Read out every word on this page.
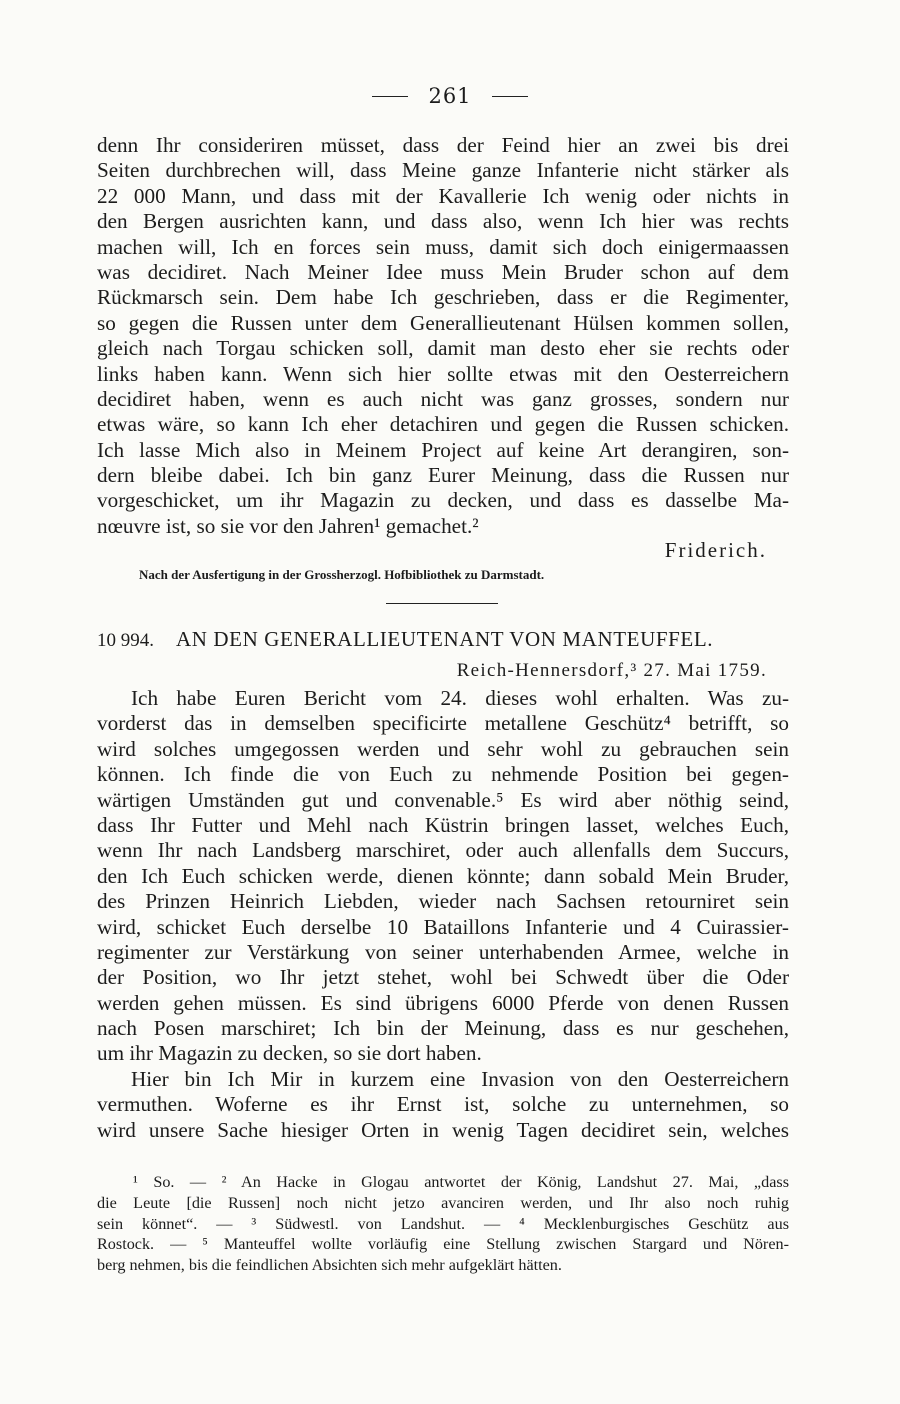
261
denn Ihr consideriren müsset, dass der Feind hier an zwei bis drei
Seiten durchbrechen will, dass Meine ganze Infanterie nicht stärker als
22 000 Mann, und dass mit der Kavallerie Ich wenig oder nichts in
den Bergen ausrichten kann, und dass also, wenn Ich hier was rechts
machen will, Ich en forces sein muss, damit sich doch einigermaassen
was decidiret. Nach Meiner Idee muss Mein Bruder schon auf dem
Rückmarsch sein. Dem habe Ich geschrieben, dass er die Regimenter,
so gegen die Russen unter dem Generallieutenant Hülsen kommen sollen,
gleich nach Torgau schicken soll, damit man desto eher sie rechts oder
links haben kann. Wenn sich hier sollte etwas mit den Oesterreichern
decidiret haben, wenn es auch nicht was ganz grosses, sondern nur
etwas wäre, so kann Ich eher detachiren und gegen die Russen schicken.
Ich lasse Mich also in Meinem Project auf keine Art derangiren, son-
dern bleibe dabei. Ich bin ganz Eurer Meinung, dass die Russen nur
vorgeschicket, um ihr Magazin zu decken, und dass es dasselbe Ma-
nœuvre ist, so sie vor den Jahren¹ gemachet.²
Friderich.
Nach der Ausfertigung in der Grossherzogl. Hofbibliothek zu Darmstadt.
10 994. AN DEN GENERALLIEUTENANT VON MANTEUFFEL.
Reich-Hennersdorf,³ 27. Mai 1759.
Ich habe Euren Bericht vom 24. dieses wohl erhalten. Was zu-
vorderst das in demselben specificirte metallene Geschütz⁴ betrifft, so
wird solches umgegossen werden und sehr wohl zu gebrauchen sein
können. Ich finde die von Euch zu nehmende Position bei gegen-
wärtigen Umständen gut und convenable.⁵ Es wird aber nöthig seind,
dass Ihr Futter und Mehl nach Küstrin bringen lasset, welches Euch,
wenn Ihr nach Landsberg marschiret, oder auch allenfalls dem Succurs,
den Ich Euch schicken werde, dienen könnte; dann sobald Mein Bruder,
des Prinzen Heinrich Liebden, wieder nach Sachsen retourniret sein
wird, schicket Euch derselbe 10 Bataillons Infanterie und 4 Cuirassier-
regimenter zur Verstärkung von seiner unterhabenden Armee, welche in
der Position, wo Ihr jetzt stehet, wohl bei Schwedt über die Oder
werden gehen müssen. Es sind übrigens 6000 Pferde von denen Russen
nach Posen marschiret; Ich bin der Meinung, dass es nur geschehen,
um ihr Magazin zu decken, so sie dort haben.
Hier bin Ich Mir in kurzem eine Invasion von den Oesterreichern
vermuthen. Woferne es ihr Ernst ist, solche zu unternehmen, so
wird unsere Sache hiesiger Orten in wenig Tagen decidiret sein, welches
¹ So. — ² An Hacke in Glogau antwortet der König, Landshut 27. Mai, „dass
die Leute [die Russen] noch nicht jetzo avanciren werden, und Ihr also noch ruhig
sein könnet“. — ³ Südwestl. von Landshut. — ⁴ Mecklenburgisches Geschütz aus
Rostock. — ⁵ Manteuffel wollte vorläufig eine Stellung zwischen Stargard und Nören-
berg nehmen, bis die feindlichen Absichten sich mehr aufgeklärt hätten.
